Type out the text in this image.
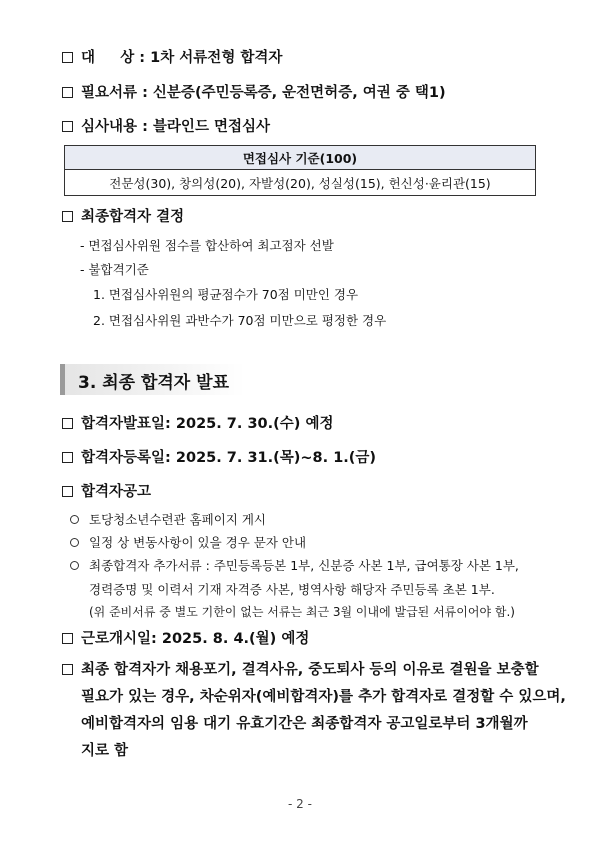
대     상 : 1차 서류전형 합격자
필요서류 : 신분증(주민등록증, 운전면허증, 여권 중 택1)
심사내용 : 블라인드 면접심사
면접심사 기준(100)
전문성(30), 창의성(20), 자발성(20), 성실성(15), 헌신성·윤리관(15)
최종합격자 결정
- 면접심사위원 점수를 합산하여 최고점자 선발
- 불합격기준
1. 면접심사위원의 평균점수가 70점 미만인 경우
2. 면접심사위원 과반수가 70점 미만으로 평정한 경우
3. 최종 합격자 발표
합격자발표일: 2025. 7. 30.(수) 예정
합격자등록일: 2025. 7. 31.(목)~8. 1.(금)
합격자공고
토당청소년수련관 홈페이지 게시
일정 상 변동사항이 있을 경우 문자 안내
최종합격자 추가서류 : 주민등록등본 1부, 신분증 사본 1부, 급여통장 사본 1부,
경력증명 및 이력서 기재 자격증 사본, 병역사항 해당자 주민등록 초본 1부.
(위 준비서류 중 별도 기한이 없는 서류는 최근 3월 이내에 발급된 서류이어야 함.)
근로개시일: 2025. 8. 4.(월) 예정
최종 합격자가 채용포기, 결격사유, 중도퇴사 등의 이유로 결원을 보충할
필요가 있는 경우, 차순위자(예비합격자)를 추가 합격자로 결정할 수 있으며,
예비합격자의 임용 대기 유효기간은 최종합격자 공고일로부터 3개월까
지로 함
- 2 -
